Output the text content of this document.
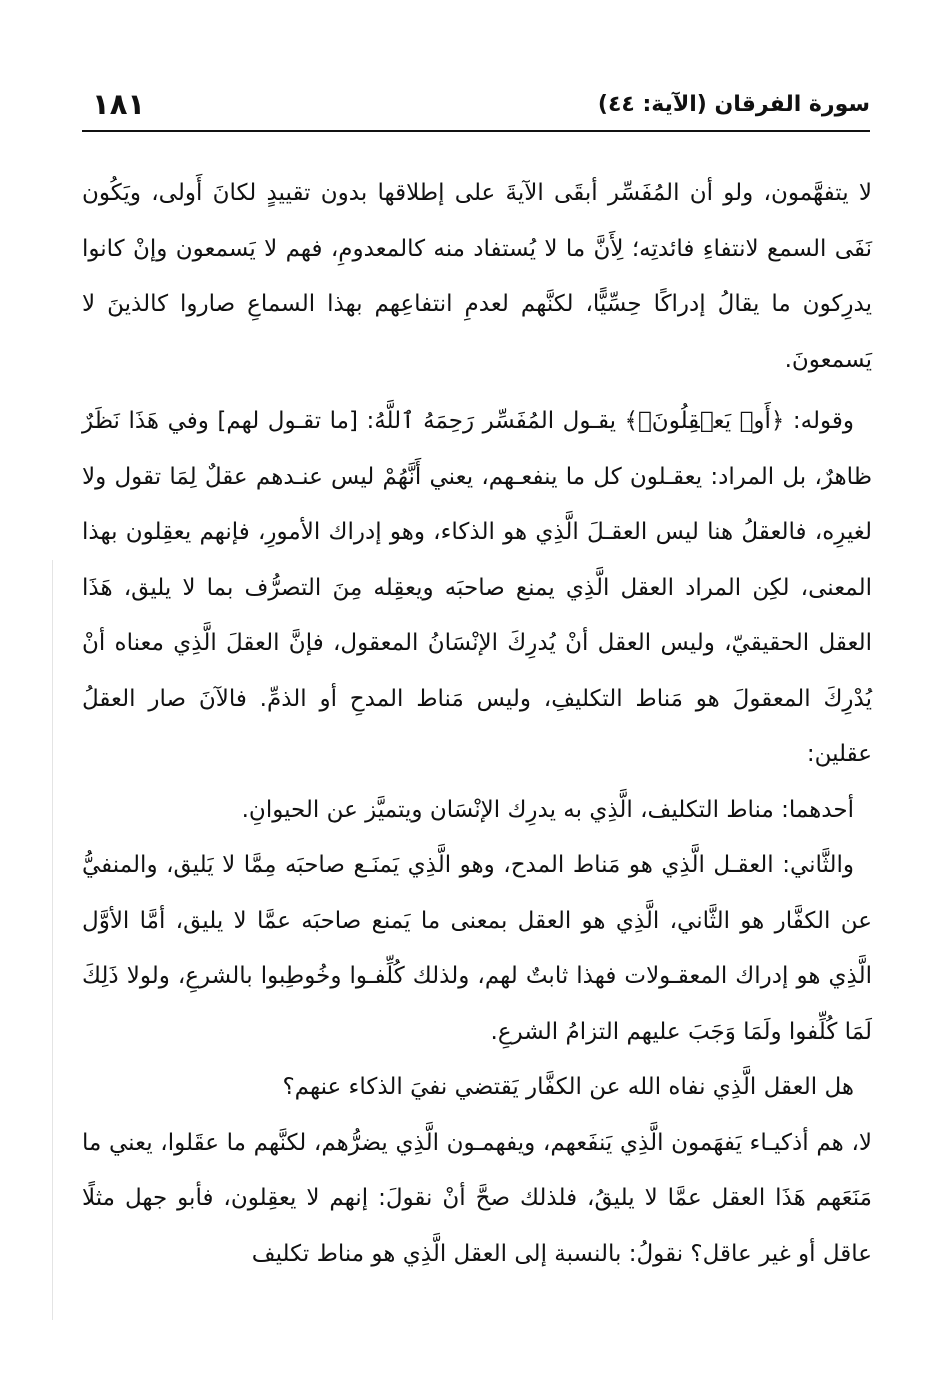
١٨١	سورة الفرقان (الآية: ٤٤)

لا يتفهَّمون، ولو أن المُفَسِّر أبقَى الآيةَ على إطلاقها بدون تقييدٍ لكانَ أَولى، ويَكُون نَفَى السمع لانتفاءِ فائدتِه؛ لِأَنَّ ما لا يُستفاد منه كالمعدومِ، فهم لا يَسمعون وإنْ كانوا يدرِكون ما يقالُ إدراكًا حِسِّيًّا، لكنَّهم لعدمِ انتفاعِهم بهذا السماعِ صاروا كالذينَ لا يَسمعونَ.

وقوله: ﴿أَوۡ يَعۡقِلُونَۚ﴾ يقـول المُفَسِّر رَحِمَهُ ٱللَّهُ: [ما تقـول لهم] وفي هَذَا نَظَرٌ ظاهرٌ، بل المراد: يعقـلون كل ما ينفعـهم، يعني أَنَّهُمْ ليس عنـدهم عقلٌ لِمَا تقول ولا لغيرِه، فالعقلُ هنا ليس العقـلَ الَّذِي هو الذكاء، وهو إدراك الأمورِ، فإنهم يعقِلون بهذا المعنى، لكِن المراد العقل الَّذِي يمنع صاحبَه ويعقِله مِنَ التصرُّف بما لا يليق، هَذَا العقل الحقيقيّ، وليس العقل أنْ يُدرِكَ الإنْسَانُ المعقول، فإنَّ العقلَ الَّذِي معناه أنْ يُدْرِكَ المعقولَ هو مَناط التكليفِ، وليس مَناط المدحِ أو الذمِّ. فالآنَ صار العقلُ عقلين:

أحدهما: مناط التكليف، الَّذِي به يدرِك الإنْسَان ويتميَّز عن الحيوانِ.

والثَّاني: العقـل الَّذِي هو مَناط المدح، وهو الَّذِي يَمنَـع صاحبَه مِمَّا لا يَليق، والمنفيُّ عن الكفَّار هو الثَّاني، الَّذِي هو العقل بمعنى ما يَمنع صاحبَه عمَّا لا يليق، أمَّا الأوَّل الَّذِي هو إدراك المعقـولات فهذا ثابتٌ لهم، ولذلك كُلِّفـوا وخُوطِبوا بالشرعِ، ولولا ذَلِكَ لَمَا كُلِّفوا ولَمَا وَجَبَ عليهم التزامُ الشرعِ.

هل العقل الَّذِي نفاه الله عن الكفَّار يَقتضي نفيَ الذكاء عنهم؟

لا، هم أذكيـاء يَفهَمون الَّذِي يَنفَعهم، ويفهمـون الَّذِي يضرُّهم، لكنَّهم ما عقَلوا، يعني ما مَنَعَهم هَذَا العقل عمَّا لا يليقُ، فلذلك صحَّ أنْ نقولَ: إنهم لا يعقِلون، فأبو جهل مثلًا عاقل أو غير عاقل؟ نقولُ: بالنسبة إلى العقل الَّذِي هو مناط تكليف
